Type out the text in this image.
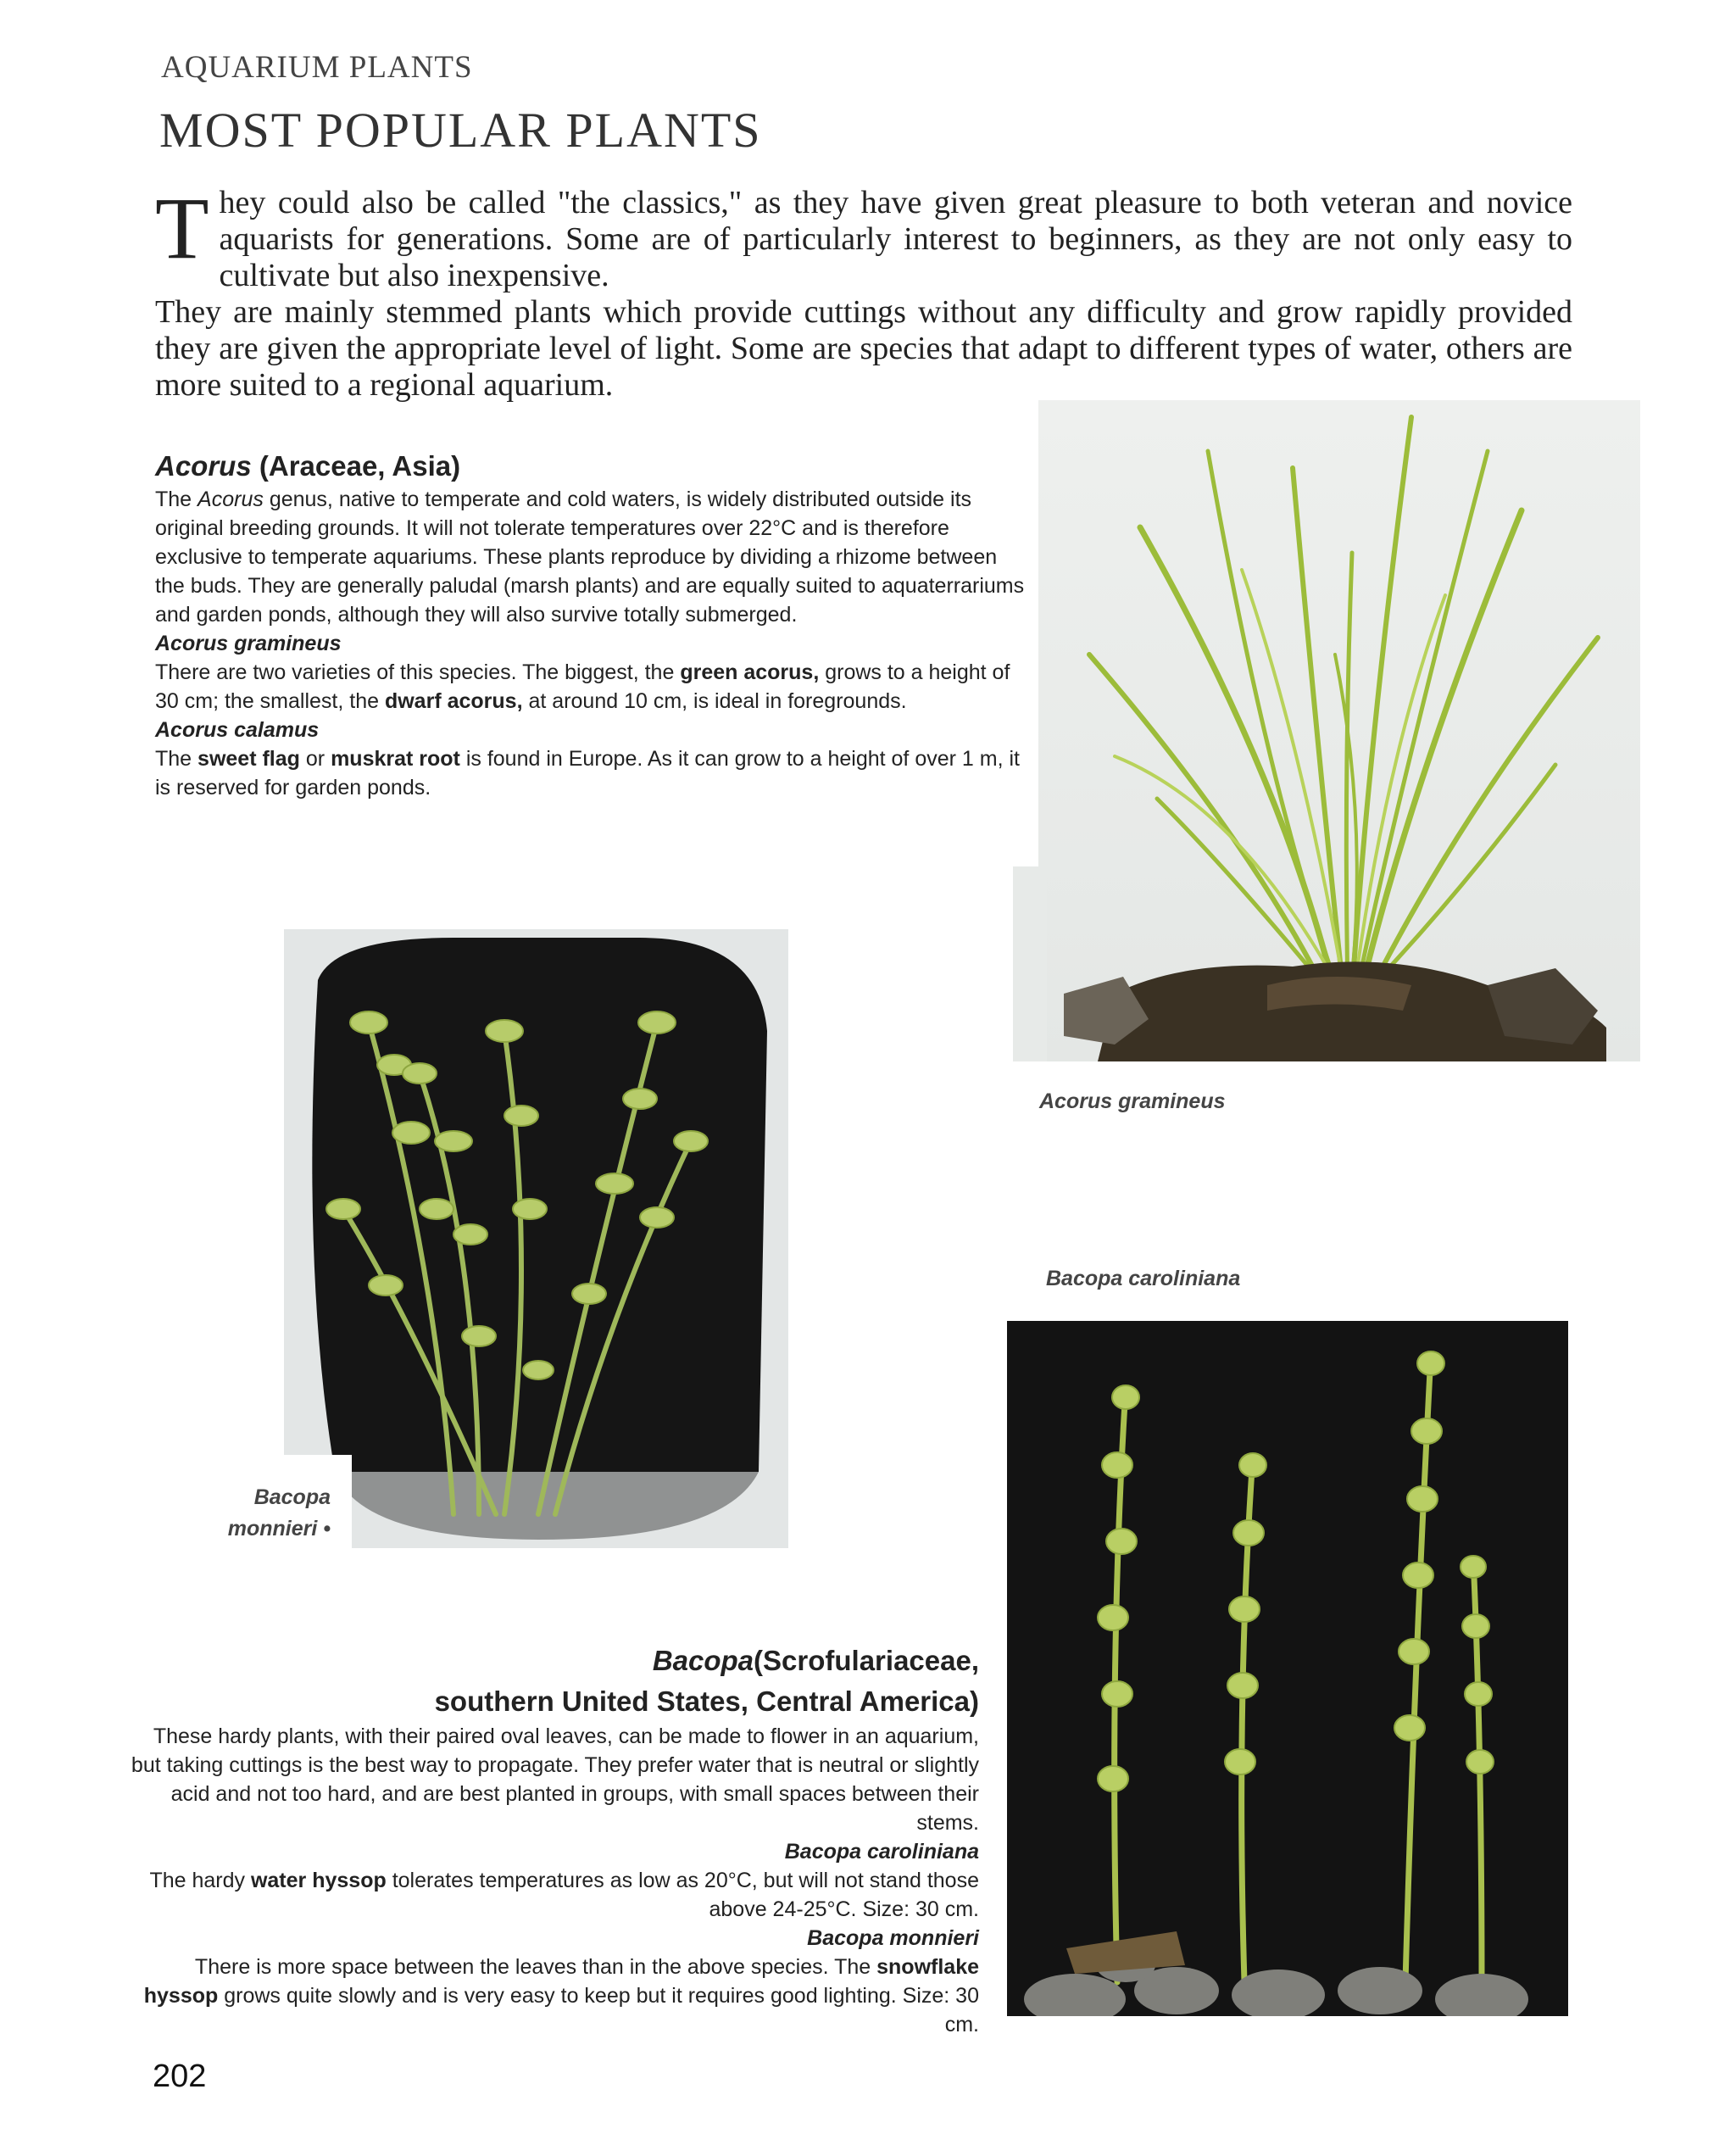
AQUARIUM PLANTS
MOST POPULAR PLANTS

They could also be called "the classics," as they have given great pleasure to both veteran and novice aquarists for generations. Some are of particularly interest to beginners, as they are not only easy to cultivate but also inexpensive.

They are mainly stemmed plants which provide cuttings without any difficulty and grow rapidly provided they are given the appropriate level of light. Some are species that adapt to different types of water, others are more suited to a regional aquarium.

Acorus (Araceae, Asia)

The Acorus genus, native to temperate and cold waters, is widely distributed outside its original breeding grounds. It will not tolerate temperatures over 22°C and is therefore exclusive to temperate aquariums. These plants reproduce by dividing a rhizome between the buds. They are generally paludal (marsh plants) and are equally suited to aquaterrariums and garden ponds, although they will also survive totally submerged.

Acorus gramineus

There are two varieties of this species. The biggest, the green acorus, grows to a height of 30 cm; the smallest, the dwarf acorus, at around 10 cm, is ideal in foregrounds.

Acorus calamus

The sweet flag or muskrat root is found in Europe. As it can grow to a height of over 1 m, it is reserved for garden ponds.

Acorus gramineus
Bacopa caroliniana
Bacopa
monnieri •

Bacopa(Scrofulariaceae,

southern United States, Central America)

These hardy plants, with their paired oval leaves, can be made to flower in an aquarium, but taking cuttings is the best way to propagate. They prefer water that is neutral or slightly acid and not too hard, and are best planted in groups, with small spaces between their stems.

Bacopa caroliniana

The hardy water hyssop tolerates temperatures as low as 20°C, but will not stand those above 24-25°C. Size: 30 cm.

Bacopa monnieri

There is more space between the leaves than in the above species. The snowflake hyssop grows quite slowly and is very easy to keep but it requires good lighting. Size: 30 cm.

202
